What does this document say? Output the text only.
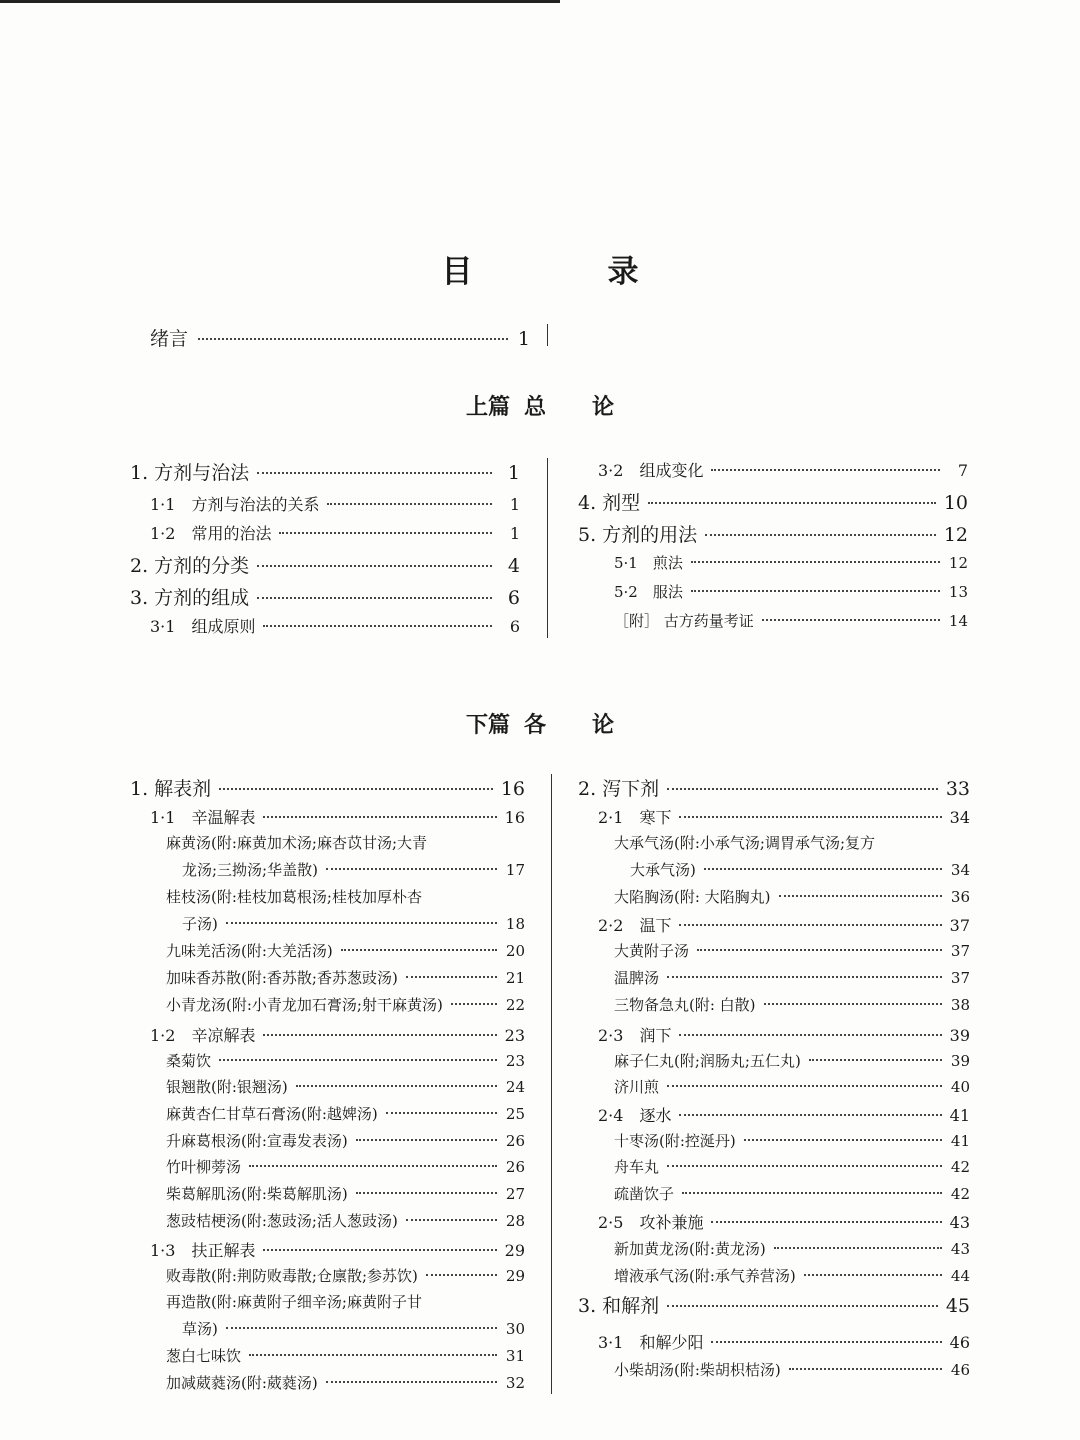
目　录
绪言	1
上篇 总 论
1. 方剂与治法	1
1·1　方剂与治法的关系	1
1·2　常用的治法	1
2. 方剂的分类	4
3. 方剂的组成	6
3·1　组成原则	6
3·2　组成变化	7
4. 剂型	10
5. 方剂的用法	12
5·1　煎法	12
5·2　服法	13
［附］ 古方药量考证	14
下篇 各 论
1. 解表剂	16
1·1　辛温解表	16
麻黄汤(附:麻黄加术汤;麻杏苡甘汤;大青
龙汤;三拗汤;华盖散)	17
桂枝汤(附:桂枝加葛根汤;桂枝加厚朴杏
子汤)	18
九味羌活汤(附:大羌活汤)	20
加味香苏散(附:香苏散;香苏葱豉汤)	21
小青龙汤(附:小青龙加石膏汤;射干麻黄汤)	22
1·2　辛凉解表	23
桑菊饮	23
银翘散(附:银翘汤)	24
麻黄杏仁甘草石膏汤(附:越婢汤)	25
升麻葛根汤(附:宣毒发表汤)	26
竹叶柳蒡汤	26
柴葛解肌汤(附:柴葛解肌汤)	27
葱豉桔梗汤(附:葱豉汤;活人葱豉汤)	28
1·3　扶正解表	29
败毒散(附:荆防败毒散;仓廪散;参苏饮)	29
再造散(附:麻黄附子细辛汤;麻黄附子甘
草汤)	30
葱白七味饮	31
加减葳蕤汤(附:葳蕤汤)	32
2. 泻下剂	33
2·1　寒下	34
大承气汤(附:小承气汤;调胃承气汤;复方
大承气汤)	34
大陷胸汤(附: 大陷胸丸)	36
2·2　温下	37
大黄附子汤	37
温脾汤	37
三物备急丸(附: 白散)	38
2·3　润下	39
麻子仁丸(附;润肠丸;五仁丸)	39
济川煎	40
2·4　逐水	41
十枣汤(附:控涎丹)	41
舟车丸	42
疏凿饮子	42
2·5　攻补兼施	43
新加黄龙汤(附:黄龙汤)	43
增液承气汤(附:承气养营汤)	44
3. 和解剂	45
3·1　和解少阳	46
小柴胡汤(附:柴胡枳桔汤)	46
